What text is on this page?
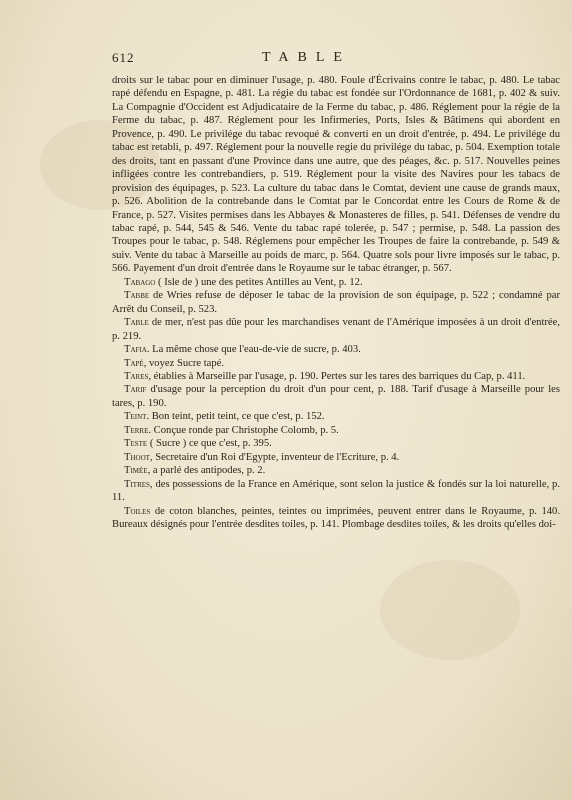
612	TABLE

droits sur le tabac pour en diminuer l'usage, p. 480. Foule d'Écrivains contre le tabac, p. 480. Le tabac rapé défendu en Espagne, p. 481. La régie du tabac est fondée sur l'Ordonnance de 1681, p. 402 & suiv. La Compagnie d'Occident est Adjudicataire de la Ferme du tabac, p. 486. Réglement pour la régie de la Ferme du tabac, p. 487. Réglement pour les Infirmeries, Ports, Isles & Bâtimens qui abordent en Provence, p. 490. Le privilége du tabac revoqué & converti en un droit d'entrée, p. 494. Le privilége du tabac est retabli, p. 497. Réglement pour la nouvelle regie du privilége du tabac, p. 504. Exemption totale des droits, tant en passant d'une Province dans une autre, que des péages, &c. p. 517. Nouvelles peines infligées contre les contrebandiers, p. 519. Réglement pour la visite des Navires pour les tabacs de provision des équipages, p. 523. La culture du tabac dans le Comtat, devient une cause de grands maux, p. 526. Abolition de la contrebande dans le Comtat par le Concordat entre les Cours de Rome & de France, p. 527. Visites permises dans les Abbayes & Monasteres de filles, p. 541. Défenses de vendre du tabac rapé, p. 544, 545 & 546. Vente du tabac rapé tolerée, p. 547 ; permise, p. 548. La passion des Troupes pour le tabac, p. 548. Réglemens pour empêcher les Troupes de faire la contrebande, p. 549 & suiv. Vente du tabac à Marseille au poids de marc, p. 564. Quatre sols pour livre imposés sur le tabac, p. 566. Payement d'un droit d'entrée dans le Royaume sur le tabac étranger, p. 567.

Tabago ( Isle de ) une des petites Antilles au Vent, p. 12.

Tabbe de Wries refuse de déposer le tabac de la provision de son équipage, p. 522 ; condamné par Arrêt du Conseil, p. 523.

Table de mer, n'est pas dûe pour les marchandises venant de l'Amérique imposées à un droit d'entrée, p. 219.

Tafia. La même chose que l'eau-de-vie de sucre, p. 403.

Tapé, voyez Sucre tapé.

Tares, établies à Marseille par l'usage, p. 190. Pertes sur les tares des barriques du Cap, p. 411.

Tarif d'usage pour la perception du droit d'un pour cent, p. 188. Tarif d'usage à Marseille pour les tares, p. 190.

Teint. Bon teint, petit teint, ce que c'est, p. 152.

Terre. Conçue ronde par Christophe Colomb, p. 5.

Teste ( Sucre ) ce que c'est, p. 395.

Thoot, Secretaire d'un Roi d'Egypte, inventeur de l'Ecriture, p. 4.

Timée, a parlé des antipodes, p. 2.

Titres, des possessions de la France en Amérique, sont selon la justice & fondés sur la loi naturelle, p. 11.

Toiles de coton blanches, peintes, teintes ou imprimées, peuvent entrer dans le Royaume, p. 140. Bureaux désignés pour l'entrée desdites toiles, p. 141. Plombage desdites toiles, & les droits qu'elles doi-
